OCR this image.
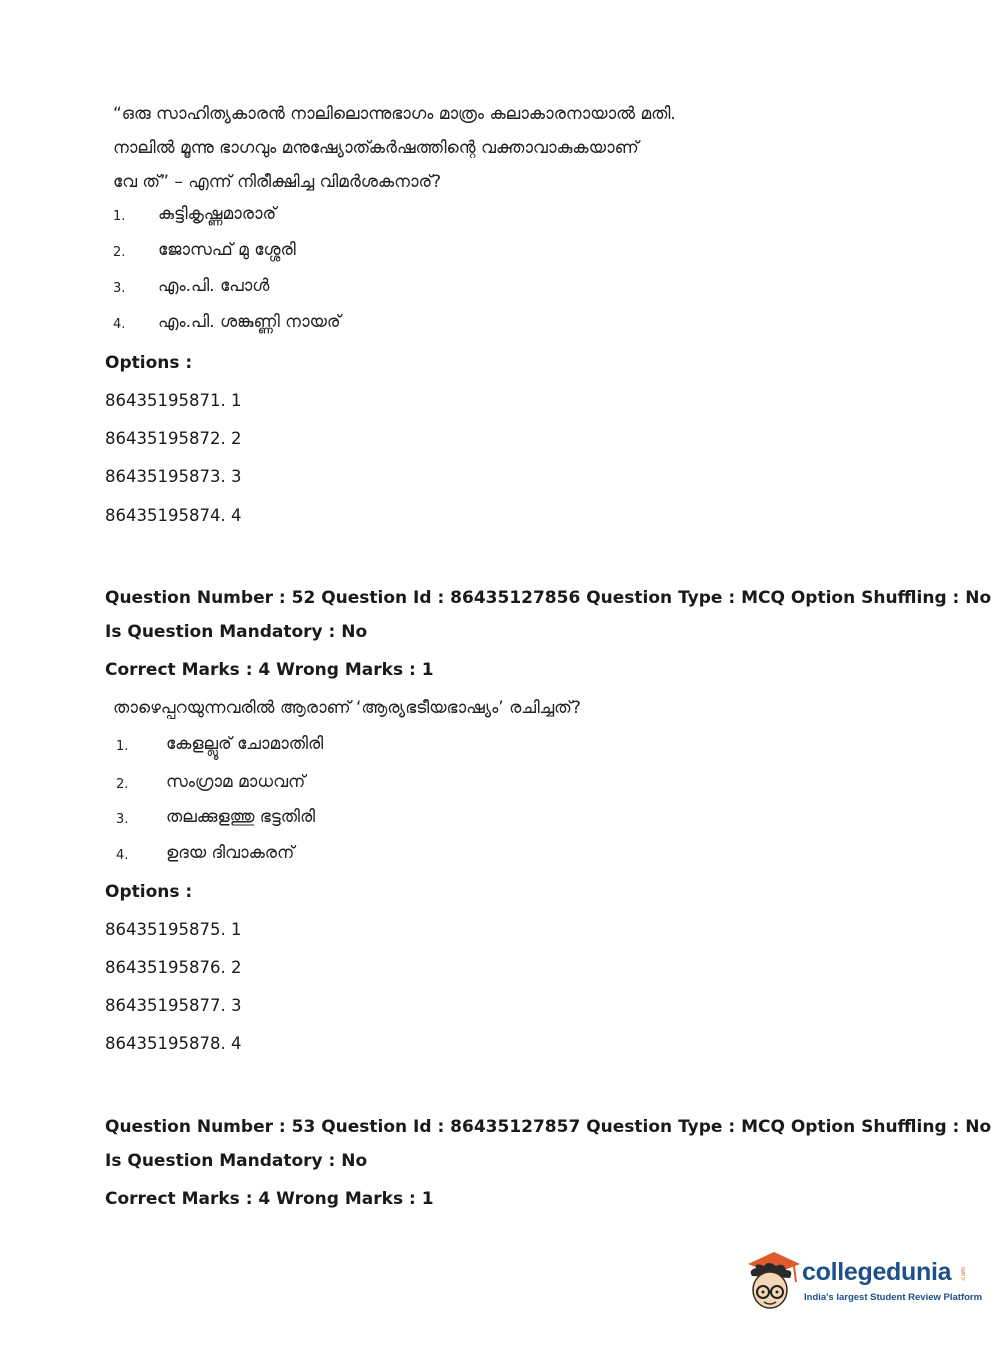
“ഒരു സാഹിത്യകാരൻ നാലിലൊന്നുഭാഗം മാത്രം കലാകാരനായാൽ മതി.
നാലിൽ മൂന്നു ഭാഗവും മനുഷ്യോത്കർഷത്തിന്റെ വക്താവാകുകയാണ്
വേ ത്” – എന്ന് നിരീക്ഷിച്ച വിമർശകനാര്?
1. കുട്ടികൃഷ്ണമാരാര്
2. ജോസഫ് മു ശ്ശേരി
3. എം.പി. പോൾ
4. എം.പി. ശങ്കുണ്ണി നായര്
Options :
86435195871. 1
86435195872. 2
86435195873. 3
86435195874. 4
Question Number : 52 Question Id : 86435127856 Question Type : MCQ Option Shuffling : No
Is Question Mandatory : No
Correct Marks : 4 Wrong Marks : 1
താഴെപ്പറയുന്നവരിൽ ആരാണ് ‘ആര്യഭടീയഭാഷ്യം’ രചിച്ചത്?
1. കേളല്ലൂര് ചോമാതിരി
2. സംഗ്രാമ മാധവന്
3. തലക്കുളത്തു ഭട്ടതിരി
4. ഉദയ ദിവാകരന്
Options :
86435195875. 1
86435195876. 2
86435195877. 3
86435195878. 4
Question Number : 53 Question Id : 86435127857 Question Type : MCQ Option Shuffling : No
Is Question Mandatory : No
Correct Marks : 4 Wrong Marks : 1
collegedunia .com
India's largest Student Review Platform
